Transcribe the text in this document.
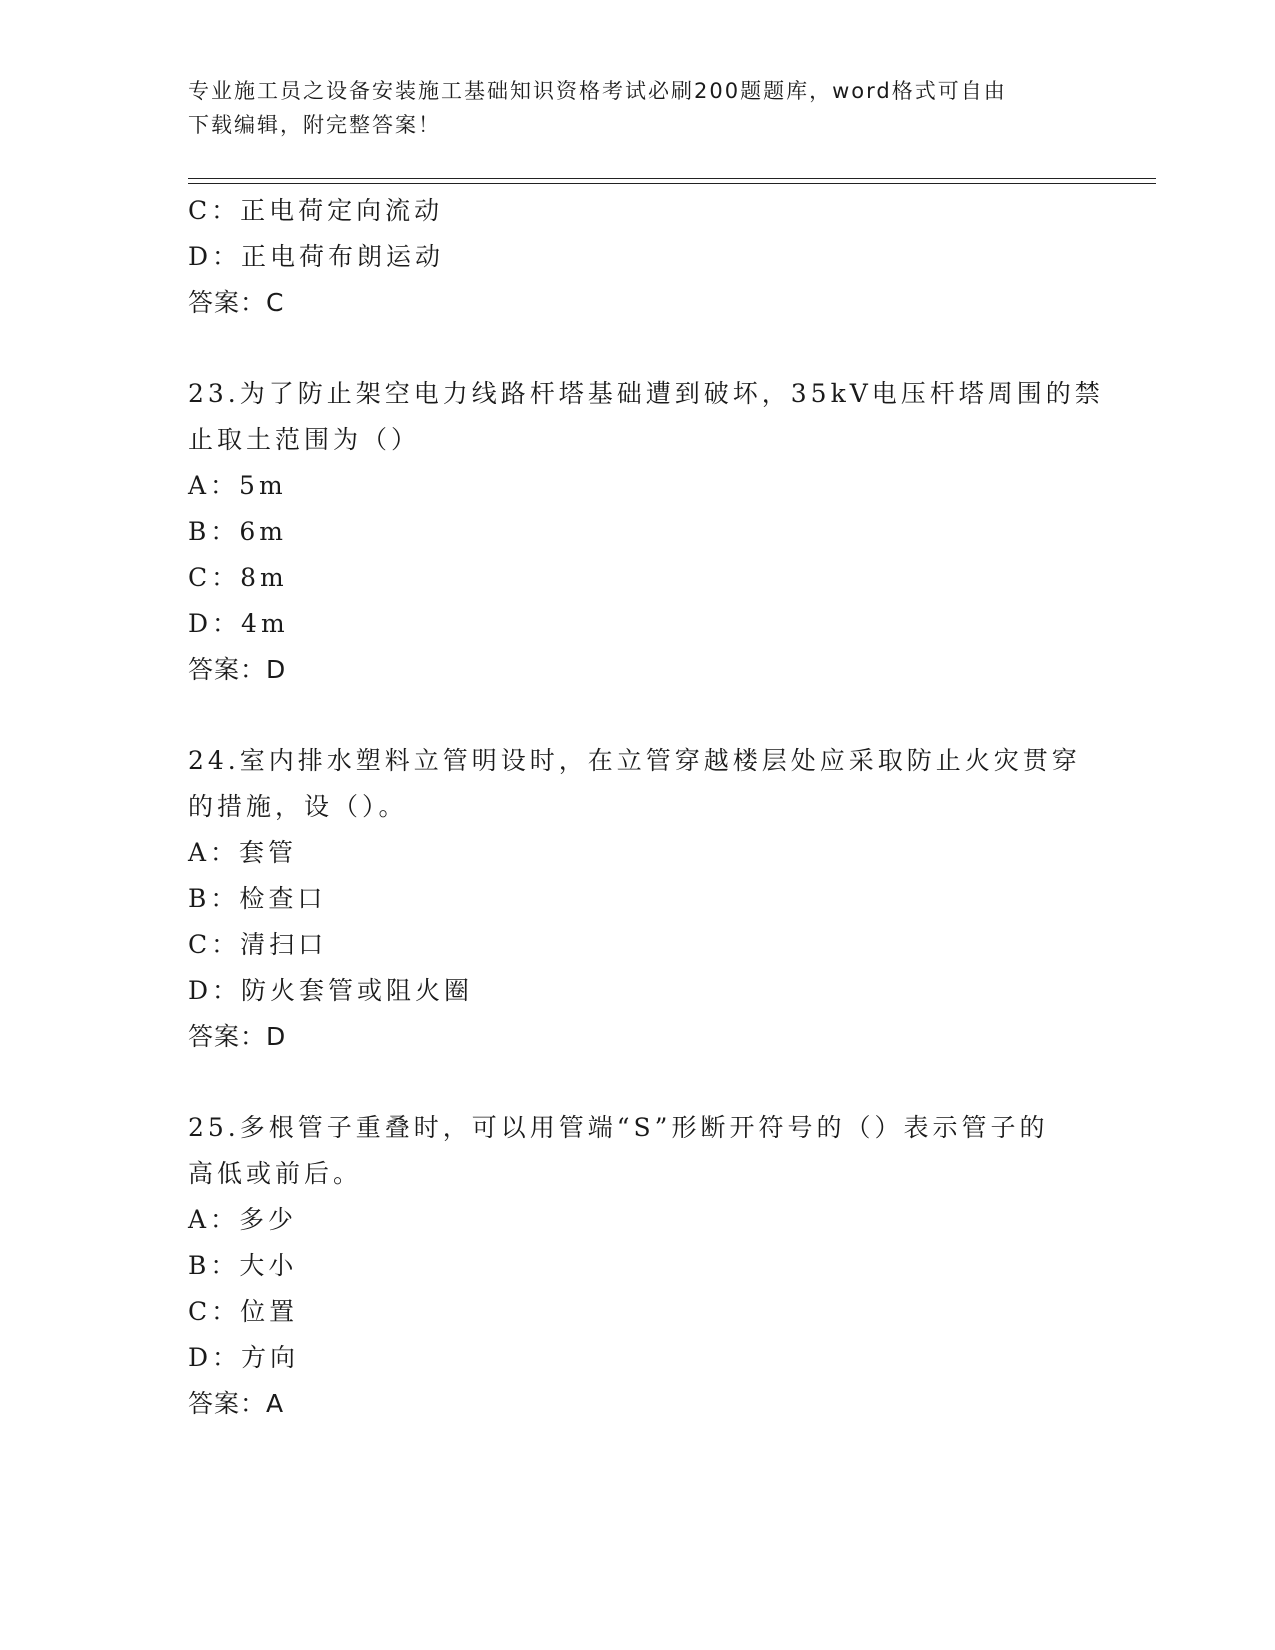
专业施工员之设备安装施工基础知识资格考试必刷200题题库，word格式可自由
下载编辑，附完整答案！
C：正电荷定向流动
D：正电荷布朗运动
答案：C
23.为了防止架空电力线路杆塔基础遭到破坏，35kV电压杆塔周围的禁
止取土范围为（）
A：5m
B：6m
C：8m
D：4m
答案：D
24.室内排水塑料立管明设时，在立管穿越楼层处应采取防止火灾贯穿
的措施，设（）。
A：套管
B：检查口
C：清扫口
D：防火套管或阻火圈
答案：D
25.多根管子重叠时，可以用管端“S”形断开符号的（）表示管子的
高低或前后。
A：多少
B：大小
C：位置
D：方向
答案：A
